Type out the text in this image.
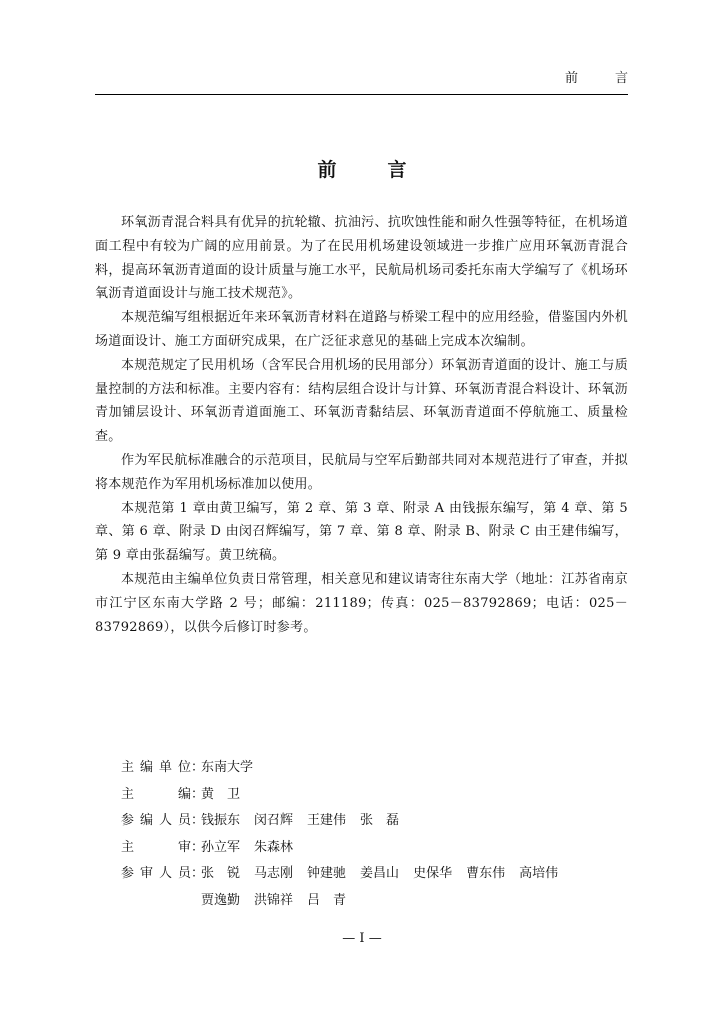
前　言
前　言

环氧沥青混合料具有优异的抗轮辙、抗油污、抗吹蚀性能和耐久性强等特征，在机场道面工程中有较为广阔的应用前景。为了在民用机场建设领域进一步推广应用环氧沥青混合料，提高环氧沥青道面的设计质量与施工水平，民航局机场司委托东南大学编写了《机场环氧沥青道面设计与施工技术规范》。

本规范编写组根据近年来环氧沥青材料在道路与桥梁工程中的应用经验，借鉴国内外机场道面设计、施工方面研究成果，在广泛征求意见的基础上完成本次编制。

本规范规定了民用机场（含军民合用机场的民用部分）环氧沥青道面的设计、施工与质量控制的方法和标准。主要内容有：结构层组合设计与计算、环氧沥青混合料设计、环氧沥青加铺层设计、环氧沥青道面施工、环氧沥青黏结层、环氧沥青道面不停航施工、质量检查。

作为军民航标准融合的示范项目，民航局与空军后勤部共同对本规范进行了审查，并拟将本规范作为军用机场标准加以使用。

本规范第 1 章由黄卫编写，第 2 章、第 3 章、附录 A 由钱振东编写，第 4 章、第 5 章、第 6 章、附录 D 由闵召辉编写，第 7 章、第 8 章、附录 B、附录 C 由王建伟编写，第 9 章由张磊编写。黄卫统稿。

本规范由主编单位负责日常管理，相关意见和建议请寄往东南大学（地址：江苏省南京市江宁区东南大学路 2 号；邮编：211189；传真：025－83792869；电话：025－83792869），以供今后修订时参考。

主编单位 ：
东南大学
主　　编 ：
黄　卫
参编人员 ：
钱振东 闵召辉 王建伟 张　磊
主　　审 ：
孙立军 朱森林
参审人员 ：
张　锐 马志刚 钟建驰 姜昌山 史保华 曹东伟 高培伟
贾逸勤 洪锦祥 吕　青
— I —
